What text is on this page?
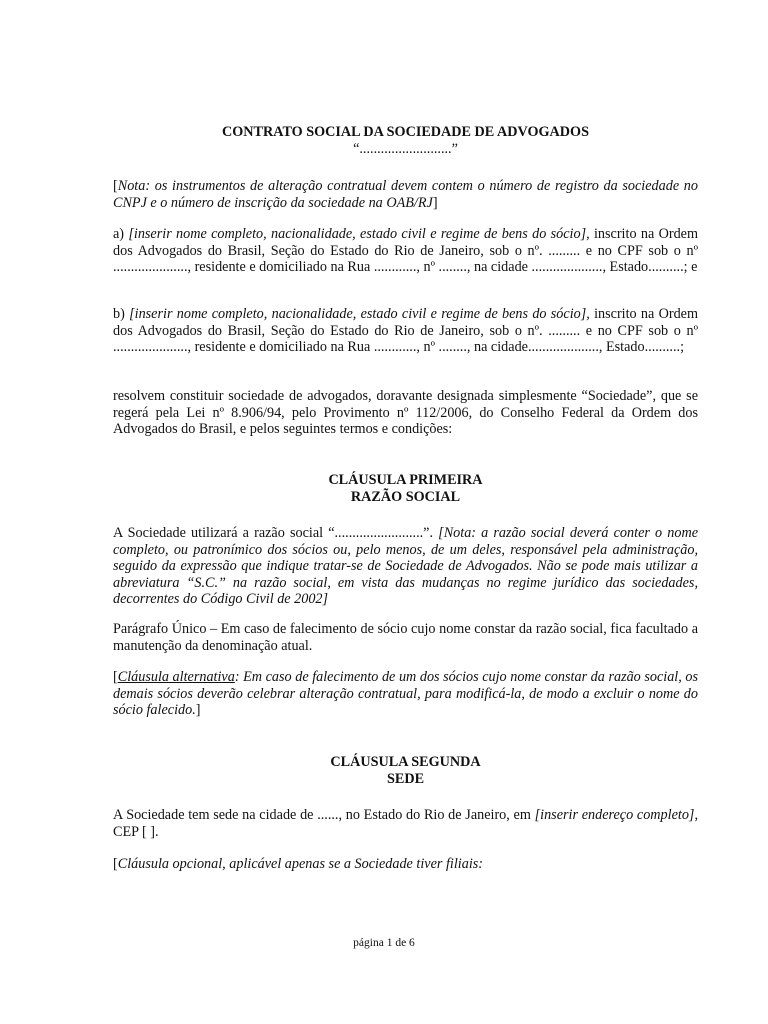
CONTRATO SOCIAL DA SOCIEDADE DE ADVOGADOS

“..........................”

[Nota: os instrumentos de alteração contratual devem contem o número de registro da sociedade no CNPJ e o número de inscrição da sociedade na OAB/RJ]

a) [inserir nome completo, nacionalidade, estado civil e regime de bens do sócio], inscrito na Ordem dos Advogados do Brasil, Seção do Estado do Rio de Janeiro, sob o nº. ......... e no CPF sob o nº ....................., residente e domiciliado na Rua ............, nº ........, na cidade ...................., Estado..........; e

b) [inserir nome completo, nacionalidade, estado civil e regime de bens do sócio], inscrito na Ordem dos Advogados do Brasil, Seção do Estado do Rio de Janeiro, sob o nº. ......... e no CPF sob o nº ....................., residente e domiciliado na Rua ............, nº ........, na cidade...................., Estado..........;

resolvem constituir sociedade de advogados, doravante designada simplesmente “Sociedade”, que se regerá pela Lei nº 8.906/94, pelo Provimento nº 112/2006, do Conselho Federal da Ordem dos Advogados do Brasil, e pelos seguintes termos e condições:

CLÁUSULA PRIMEIRA

RAZÃO SOCIAL

A Sociedade utilizará a razão social “.........................”. [Nota: a razão social deverá conter o nome completo, ou patronímico dos sócios ou, pelo menos, de um deles, responsável pela administração, seguido da expressão que indique tratar-se de Sociedade de Advogados. Não se pode mais utilizar a abreviatura “S.C.” na razão social, em vista das mudanças no regime jurídico das sociedades, decorrentes do Código Civil de 2002]

Parágrafo Único – Em caso de falecimento de sócio cujo nome constar da razão social, fica facultado a manutenção da denominação atual.

[Cláusula alternativa: Em caso de falecimento de um dos sócios cujo nome constar da razão social, os demais sócios deverão celebrar alteração contratual, para modificá-la, de modo a excluir o nome do sócio falecido.]

CLÁUSULA SEGUNDA

SEDE

A Sociedade tem sede na cidade de ......, no Estado do Rio de Janeiro, em [inserir endereço completo], CEP [ ].

[Cláusula opcional, aplicável apenas se a Sociedade tiver filiais:

página 1 de 6
